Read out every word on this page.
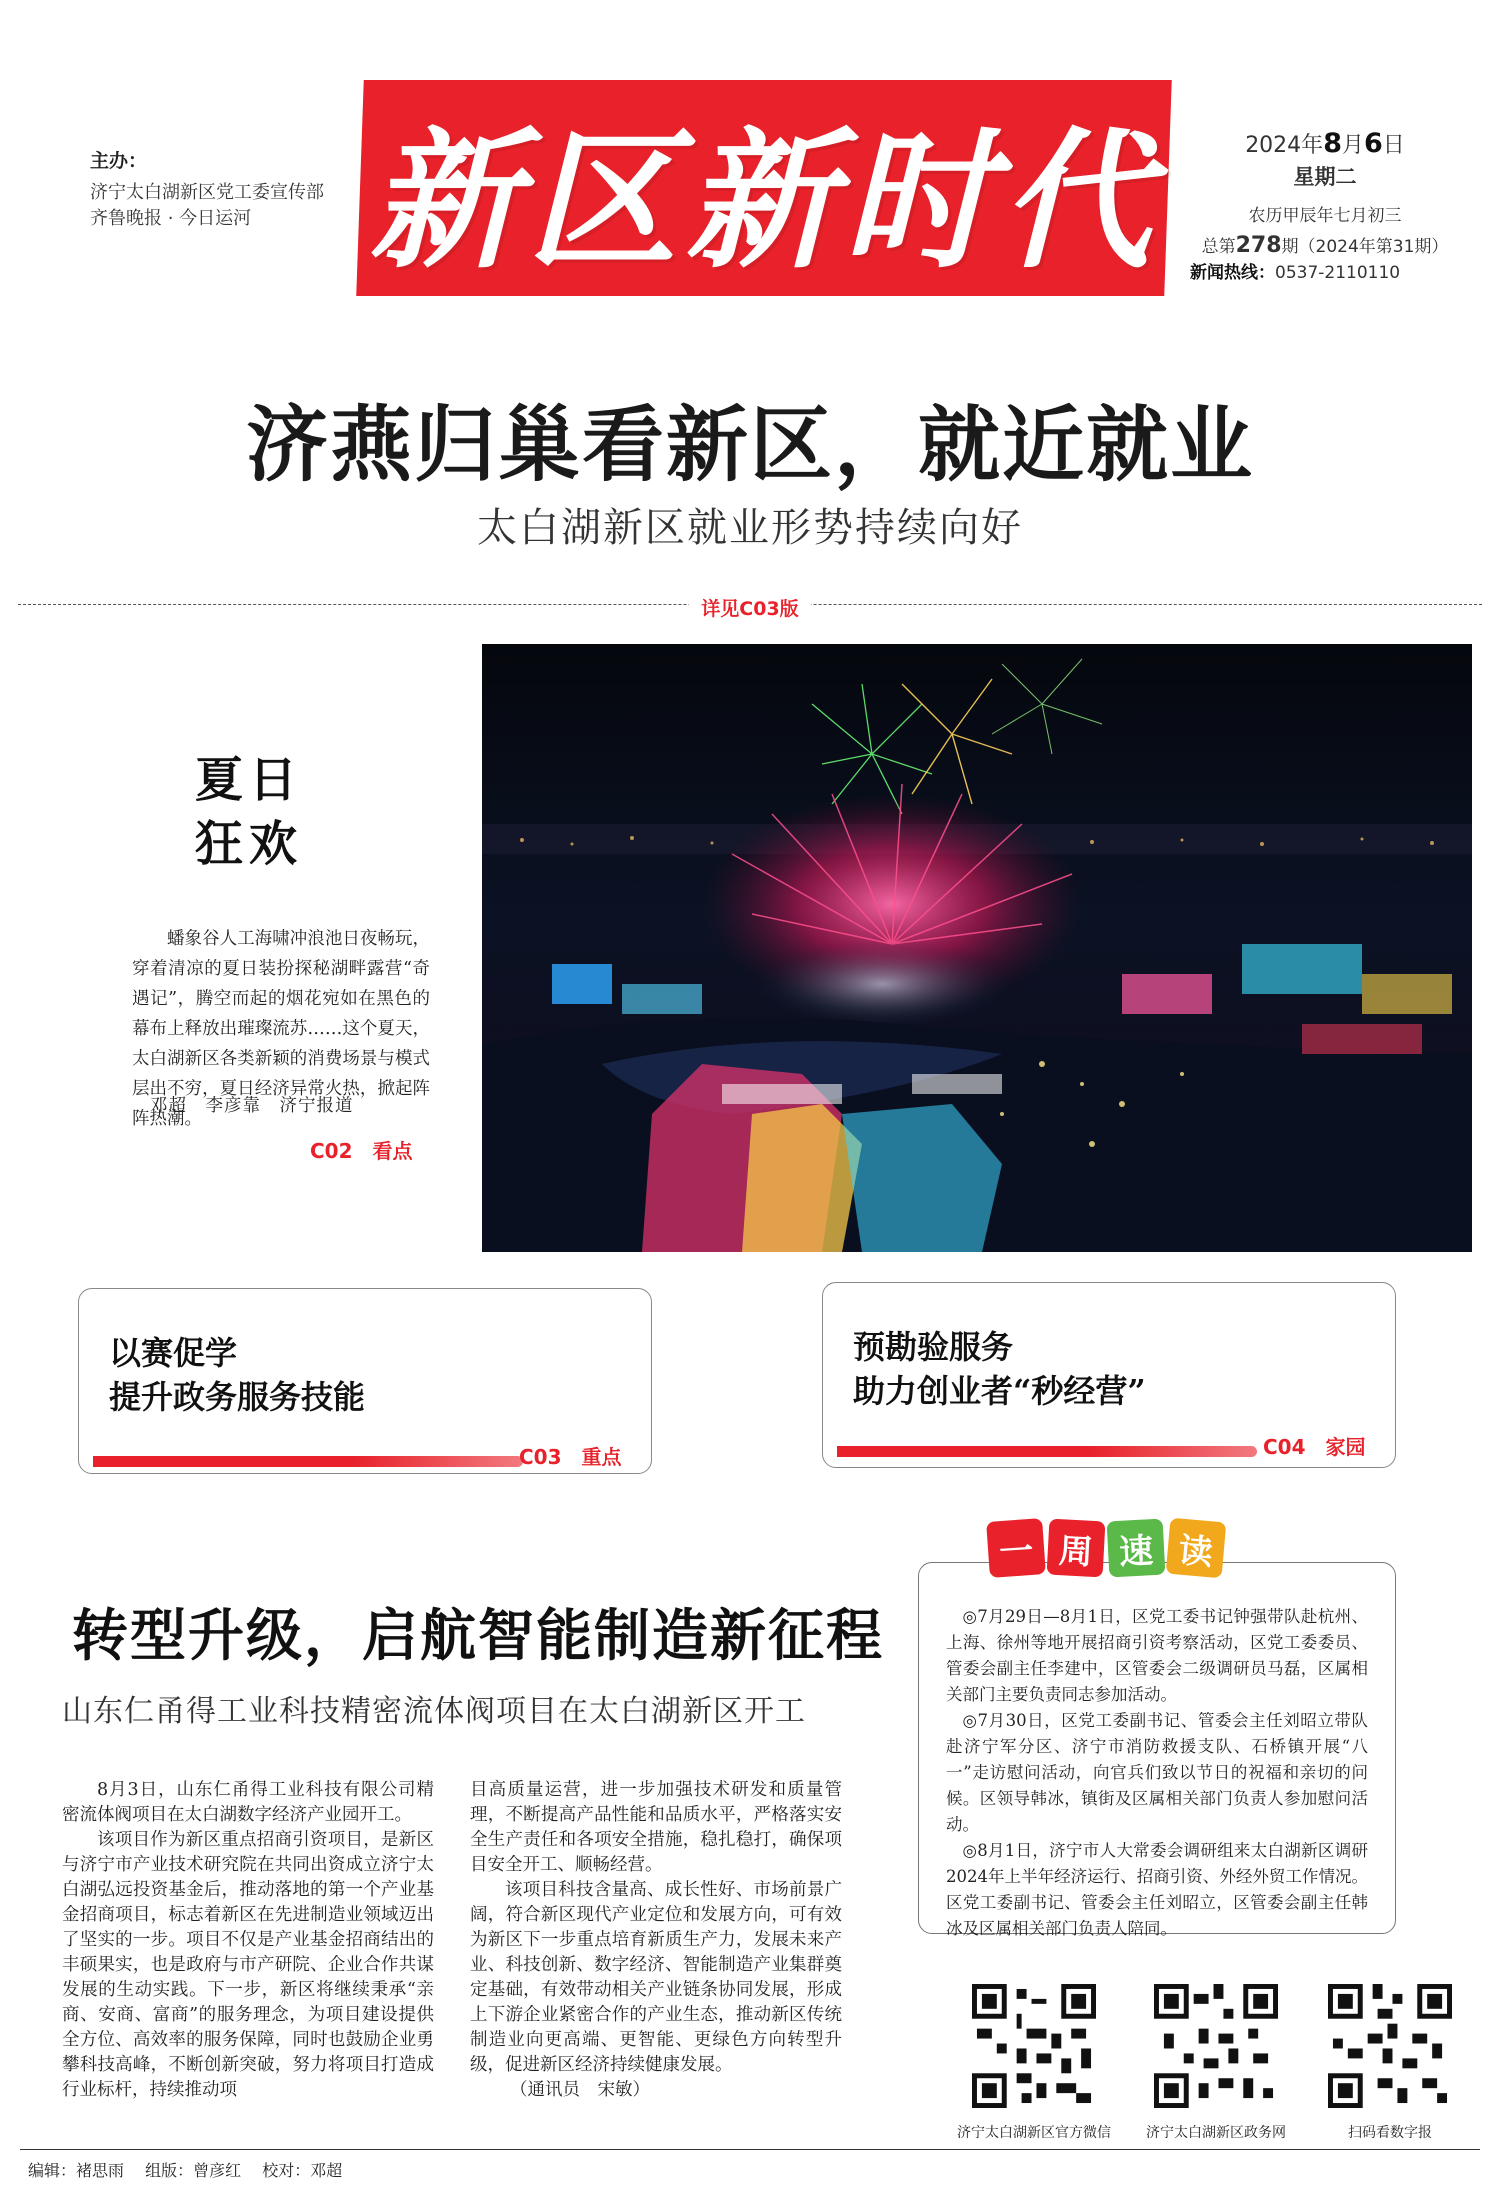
主办：
济宁太白湖新区党工委宣传部
齐鲁晚报 · 今日运河 新区新时代	2024年8月6日
星期二
农历甲辰年七月初三
总第278期（2024年第31期）
新闻热线：0537-2110110
济燕归巢看新区，就近就业
太白湖新区就业形势持续向好
详见C03版
夏日
狂欢

蟠象谷人工海啸冲浪池日夜畅玩，穿着清凉的夏日装扮探秘湖畔露营“奇遇记”，腾空而起的烟花宛如在黑色的幕布上释放出璀璨流苏……这个夏天，太白湖新区各类新颖的消费场景与模式层出不穷，夏日经济异常火热，掀起阵阵热潮。

邓超　李彦靠　济宁报道
C02　看点
以赛促学
提升政务服务技能
C03　重点
预勘验服务
助力创业者“秒经营”
C04　家园
一 周 速 读

◎7月29日—8月1日，区党工委书记钟强带队赴杭州、上海、徐州等地开展招商引资考察活动，区党工委委员、管委会副主任李建中，区管委会二级调研员马磊，区属相关部门主要负责同志参加活动。

◎7月30日，区党工委副书记、管委会主任刘昭立带队赴济宁军分区、济宁市消防救援支队、石桥镇开展“八一”走访慰问活动，向官兵们致以节日的祝福和亲切的问候。区领导韩冰，镇街及区属相关部门负责人参加慰问活动。

◎8月1日，济宁市人大常委会调研组来太白湖新区调研2024年上半年经济运行、招商引资、外经外贸工作情况。区党工委副书记、管委会主任刘昭立，区管委会副主任韩冰及区属相关部门负责人陪同。

转型升级，启航智能制造新征程
山东仁甬得工业科技精密流体阀项目在太白湖新区开工

8月3日，山东仁甬得工业科技有限公司精密流体阀项目在太白湖数字经济产业园开工。

该项目作为新区重点招商引资项目，是新区与济宁市产业技术研究院在共同出资成立济宁太白湖弘远投资基金后，推动落地的第一个产业基金招商项目，标志着新区在先进制造业领域迈出了坚实的一步。项目不仅是产业基金招商结出的丰硕果实，也是政府与市产研院、企业合作共谋发展的生动实践。下一步，新区将继续秉承“亲商、安商、富商”的服务理念，为项目建设提供全方位、高效率的服务保障，同时也鼓励企业勇攀科技高峰，不断创新突破，努力将项目打造成行业标杆，持续推动项

目高质量运营，进一步加强技术研发和质量管理，不断提高产品性能和品质水平，严格落实安全生产责任和各项安全措施，稳扎稳打，确保项目安全开工、顺畅经营。

该项目科技含量高、成长性好、市场前景广阔，符合新区现代产业定位和发展方向，可有效为新区下一步重点培育新质生产力，发展未来产业、科技创新、数字经济、智能制造产业集群奠定基础，有效带动相关产业链条协同发展，形成上下游企业紧密合作的产业生态，推动新区传统制造业向更高端、更智能、更绿色方向转型升级，促进新区经济持续健康发展。

（通讯员　宋敏）

济宁太白湖新区官方微信	济宁太白湖新区政务网	扫码看数字报
编辑：褚思雨 组版：曾彦红 校对：邓超
